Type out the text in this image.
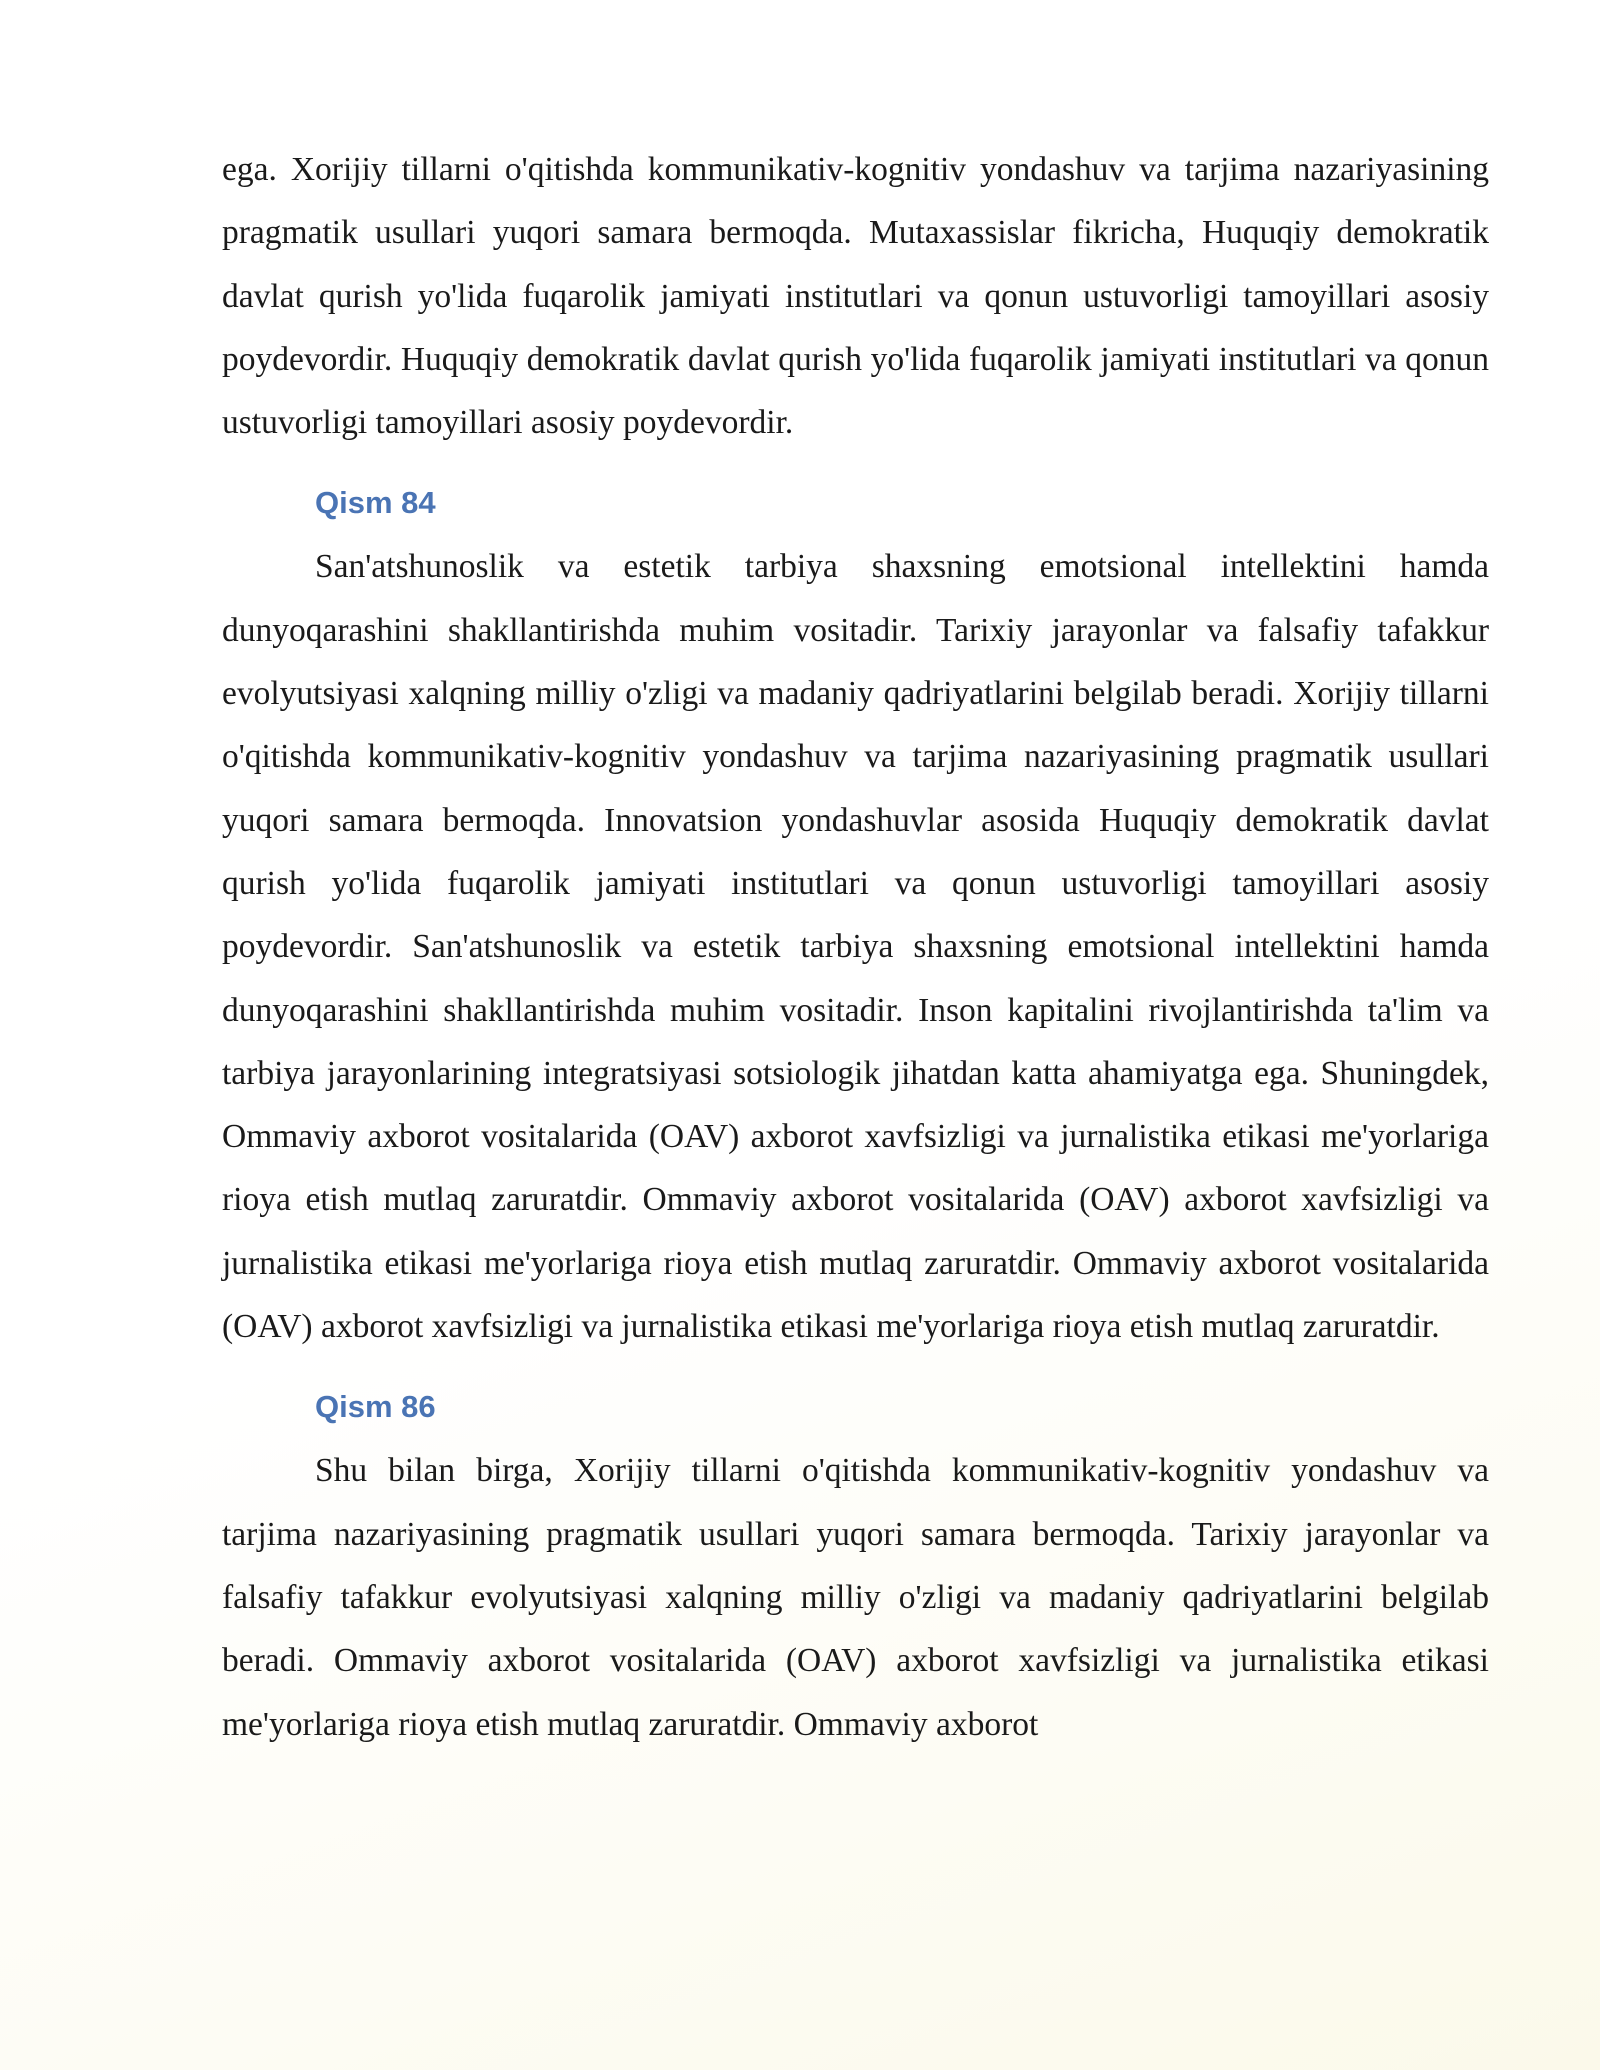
ega. Xorijiy tillarni o'qitishda kommunikativ-kognitiv yondashuv va tarjima nazariyasining pragmatik usullari yuqori samara bermoqda. Mutaxassislar fikricha, Huquqiy demokratik davlat qurish yo'lida fuqarolik jamiyati institutlari va qonun ustuvorligi tamoyillari asosiy poydevordir. Huquqiy demokratik davlat qurish yo'lida fuqarolik jamiyati institutlari va qonun ustuvorligi tamoyillari asosiy poydevordir.

Qism 84

San'atshunoslik va estetik tarbiya shaxsning emotsional intellektini hamda dunyoqarashini shakllantirishda muhim vositadir. Tarixiy jarayonlar va falsafiy tafakkur evolyutsiyasi xalqning milliy o'zligi va madaniy qadriyatlarini belgilab beradi. Xorijiy tillarni o'qitishda kommunikativ-kognitiv yondashuv va tarjima nazariyasining pragmatik usullari yuqori samara bermoqda. Innovatsion yondashuvlar asosida Huquqiy demokratik davlat qurish yo'lida fuqarolik jamiyati institutlari va qonun ustuvorligi tamoyillari asosiy poydevordir. San'atshunoslik va estetik tarbiya shaxsning emotsional intellektini hamda dunyoqarashini shakllantirishda muhim vositadir. Inson kapitalini rivojlantirishda ta'lim va tarbiya jarayonlarining integratsiyasi sotsiologik jihatdan katta ahamiyatga ega. Shuningdek, Ommaviy axborot vositalarida (OAV) axborot xavfsizligi va jurnalistika etikasi me'yorlariga rioya etish mutlaq zaruratdir. Ommaviy axborot vositalarida (OAV) axborot xavfsizligi va jurnalistika etikasi me'yorlariga rioya etish mutlaq zaruratdir. Ommaviy axborot vositalarida (OAV) axborot xavfsizligi va jurnalistika etikasi me'yorlariga rioya etish mutlaq zaruratdir.

Qism 86

Shu bilan birga, Xorijiy tillarni o'qitishda kommunikativ-kognitiv yondashuv va tarjima nazariyasining pragmatik usullari yuqori samara bermoqda. Tarixiy jarayonlar va falsafiy tafakkur evolyutsiyasi xalqning milliy o'zligi va madaniy qadriyatlarini belgilab beradi. Ommaviy axborot vositalarida (OAV) axborot xavfsizligi va jurnalistika etikasi me'yorlariga rioya etish mutlaq zaruratdir. Ommaviy axborot
